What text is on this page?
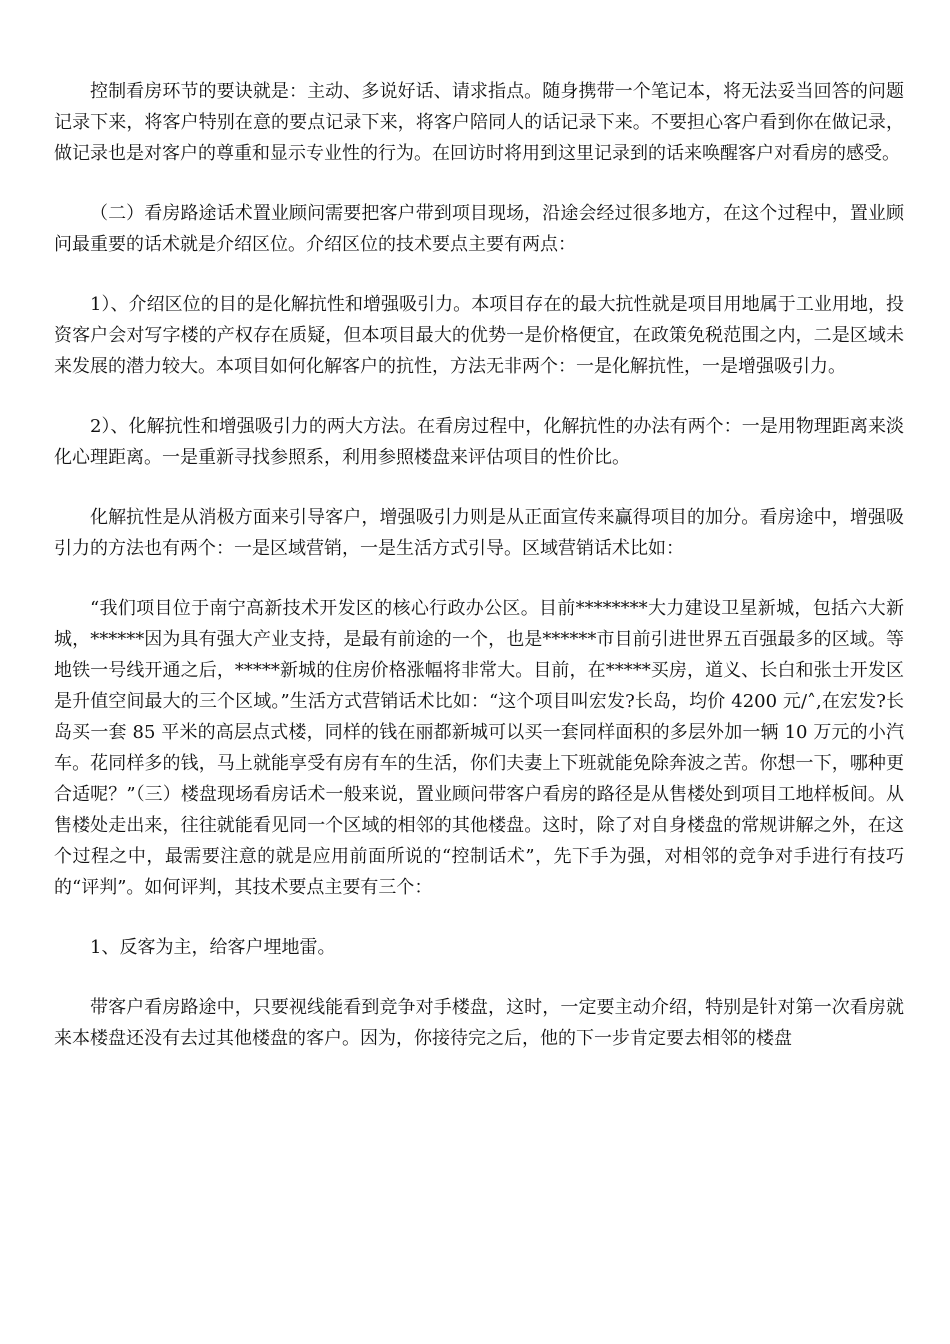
控制看房环节的要诀就是：主动、多说好话、请求指点。随身携带一个笔记本，将无法妥当回答的问题记录下来，将客户特别在意的要点记录下来，将客户陪同人的话记录下来。不要担心客户看到你在做记录，做记录也是对客户的尊重和显示专业性的行为。在回访时将用到这里记录到的话来唤醒客户对看房的感受。

（二）看房路途话术置业顾问需要把客户带到项目现场，沿途会经过很多地方，在这个过程中，置业顾问最重要的话术就是介绍区位。介绍区位的技术要点主要有两点：

1）、介绍区位的目的是化解抗性和增强吸引力。本项目存在的最大抗性就是项目用地属于工业用地，投资客户会对写字楼的产权存在质疑，但本项目最大的优势一是价格便宜，在政策免税范围之内，二是区域未来发展的潜力较大。本项目如何化解客户的抗性，方法无非两个：一是化解抗性，一是增强吸引力。

2）、化解抗性和增强吸引力的两大方法。在看房过程中，化解抗性的办法有两个：一是用物理距离来淡化心理距离。一是重新寻找参照系，利用参照楼盘来评估项目的性价比。

化解抗性是从消极方面来引导客户，增强吸引力则是从正面宣传来赢得项目的加分。看房途中，增强吸引力的方法也有两个：一是区域营销，一是生活方式引导。区域营销话术比如：

“我们项目位于南宁高新技术开发区的核心行政办公区。目前********大力建设卫星新城，包括六大新城，******因为具有强大产业支持，是最有前途的一个，也是******市目前引进世界五百强最多的区域。等地铁一号线开通之后，*****新城的住房价格涨幅将非常大。目前，在*****买房，道义、长白和张士开发区是升值空间最大的三个区域。”生活方式营销话术比如：“这个项目叫宏发?长岛，均价 4200 元/˄,在宏发?长岛买一套 85 平米的高层点式楼，同样的钱在丽都新城可以买一套同样面积的多层外加一辆 10 万元的小汽车。花同样多的钱，马上就能享受有房有车的生活，你们夫妻上下班就能免除奔波之苦。你想一下，哪种更合适呢？”（三）楼盘现场看房话术一般来说，置业顾问带客户看房的路径是从售楼处到项目工地样板间。从售楼处走出来，往往就能看见同一个区域的相邻的其他楼盘。这时，除了对自身楼盘的常规讲解之外，在这个过程之中，最需要注意的就是应用前面所说的“控制话术”，先下手为强，对相邻的竞争对手进行有技巧的“评判”。如何评判，其技术要点主要有三个：

1、反客为主，给客户埋地雷。

带客户看房路途中，只要视线能看到竞争对手楼盘，这时，一定要主动介绍，特别是针对第一次看房就来本楼盘还没有去过其他楼盘的客户。因为，你接待完之后，他的下一步肯定要去相邻的楼盘
